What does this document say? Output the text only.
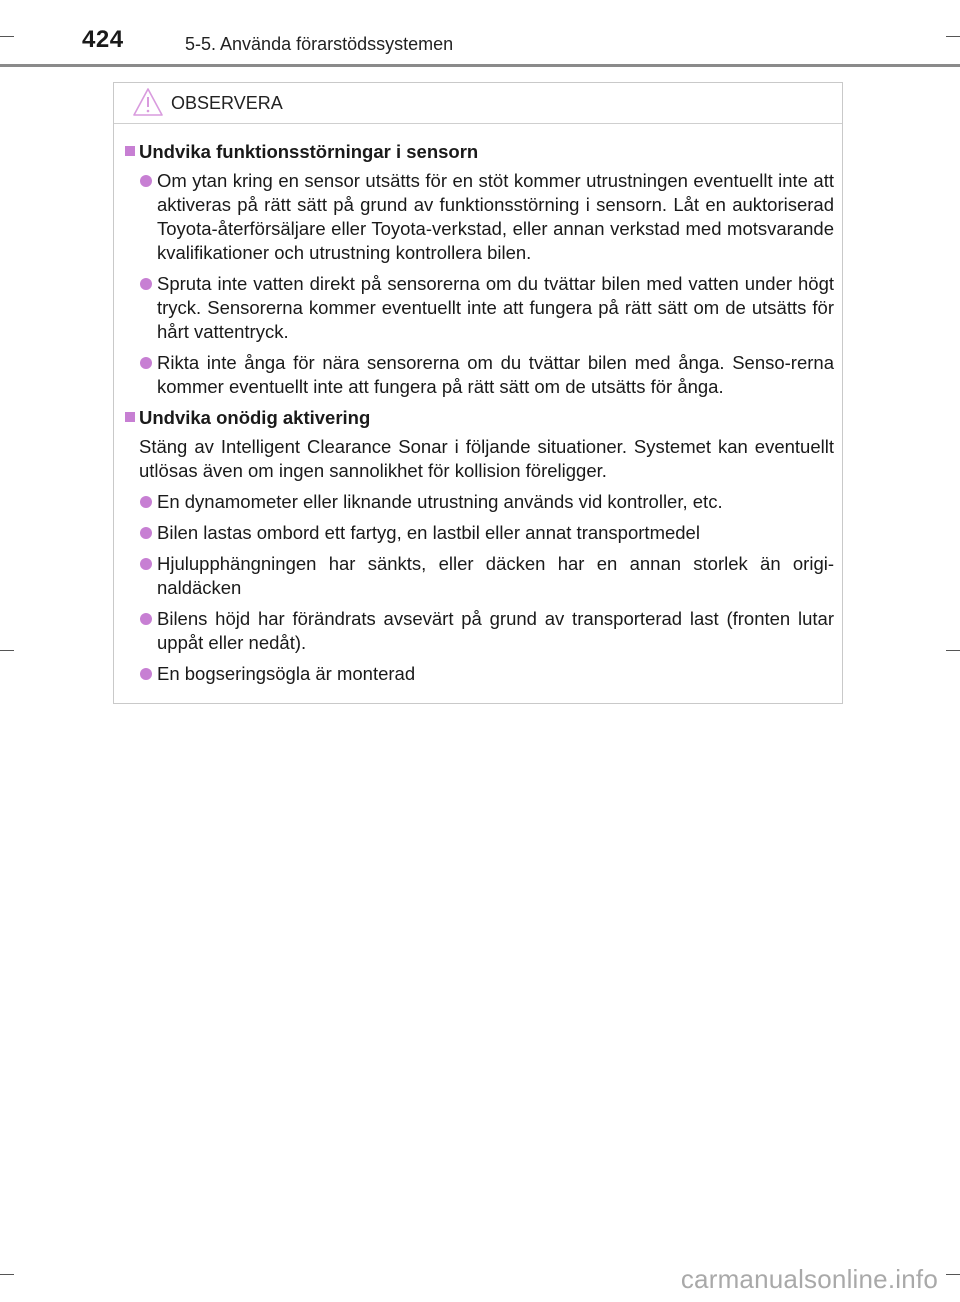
424	5-5. Använda förarstödssystemen
OBSERVERA
Undvika funktionsstörningar i sensorn
Om ytan kring en sensor utsätts för en stöt kommer utrustningen eventuellt inte att aktiveras på rätt sätt på grund av funktionsstörning i sensorn. Låt en auktoriserad Toyota-återförsäljare eller Toyota-verkstad, eller annan verkstad med motsvarande kvalifikationer och utrustning kontrollera bilen.
Spruta inte vatten direkt på sensorerna om du tvättar bilen med vatten under högt tryck. Sensorerna kommer eventuellt inte att fungera på rätt sätt om de utsätts för hårt vattentryck.
Rikta inte ånga för nära sensorerna om du tvättar bilen med ånga. Senso-rerna kommer eventuellt inte att fungera på rätt sätt om de utsätts för ånga.
Undvika onödig aktivering
Stäng av Intelligent Clearance Sonar i följande situationer. Systemet kan eventuellt utlösas även om ingen sannolikhet för kollision föreligger.
En dynamometer eller liknande utrustning används vid kontroller, etc.
Bilen lastas ombord ett fartyg, en lastbil eller annat transportmedel
Hjulupphängningen har sänkts, eller däcken har en annan storlek än origi-naldäcken
Bilens höjd har förändrats avsevärt på grund av transporterad last (fronten lutar uppåt eller nedåt).
En bogseringsögla är monterad
carmanualsonline.info
